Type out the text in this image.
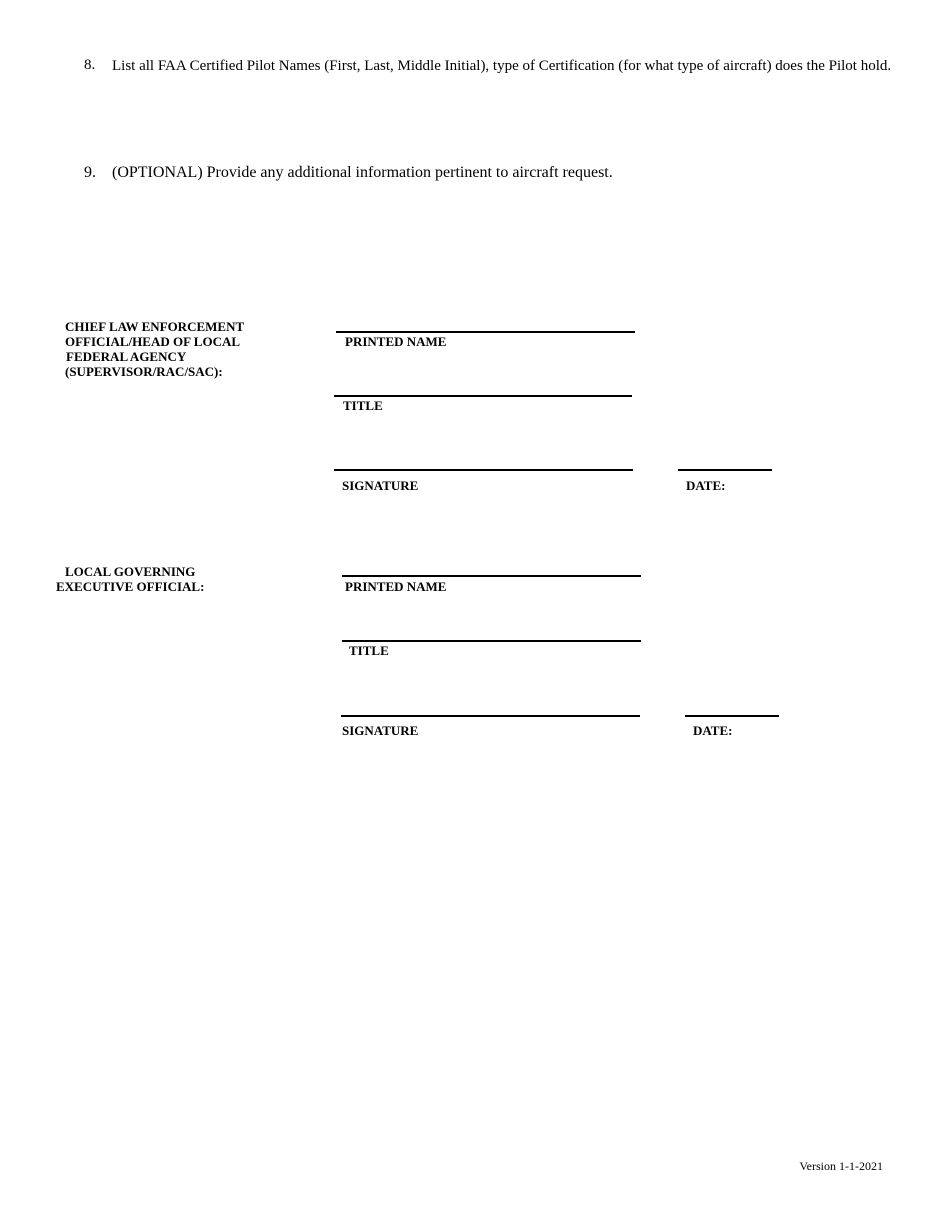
8. List all FAA Certified Pilot Names (First, Last, Middle Initial), type of Certification (for what type of aircraft) does the Pilot hold.
9. (OPTIONAL) Provide any additional information pertinent to aircraft request.
CHIEF LAW ENFORCEMENT
OFFICIAL/HEAD OF LOCAL
FEDERAL AGENCY
(SUPERVISOR/RAC/SAC):
PRINTED NAME
TITLE
SIGNATURE	DATE:
LOCAL GOVERNING
EXECUTIVE OFFICIAL:	PRINTED NAME
TITLE
SIGNATURE	DATE:
Version 1-1-2021
